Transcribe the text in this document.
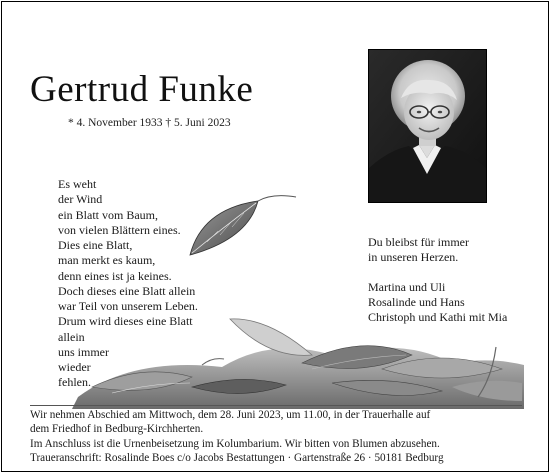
Gertrud Funke
* 4. November 1933 † 5. Juni 2023
Es weht
der Wind
ein Blatt vom Baum,
von vielen Blättern eines.
Dies eine Blatt,
man merkt es kaum,
denn eines ist ja keines.
Doch dieses eine Blatt allein
war Teil von unserem Leben.
Drum wird dieses eine Blatt
allein
uns immer
wieder
fehlen.
Du bleibst für immer
in unseren Herzen.
Martina und Uli
Rosalinde und Hans
Christoph und Kathi mit Mia
Wir nehmen Abschied am Mittwoch, dem 28. Juni 2023, um 11.00, in der Trauerhalle auf
dem Friedhof in Bedburg-Kirchherten.
Im Anschluss ist die Urnenbeisetzung im Kolumbarium. Wir bitten von Blumen abzusehen.
Traueranschrift: Rosalinde Boes c/o Jacobs Bestattungen · Gartenstraße 26 · 50181 Bedburg
